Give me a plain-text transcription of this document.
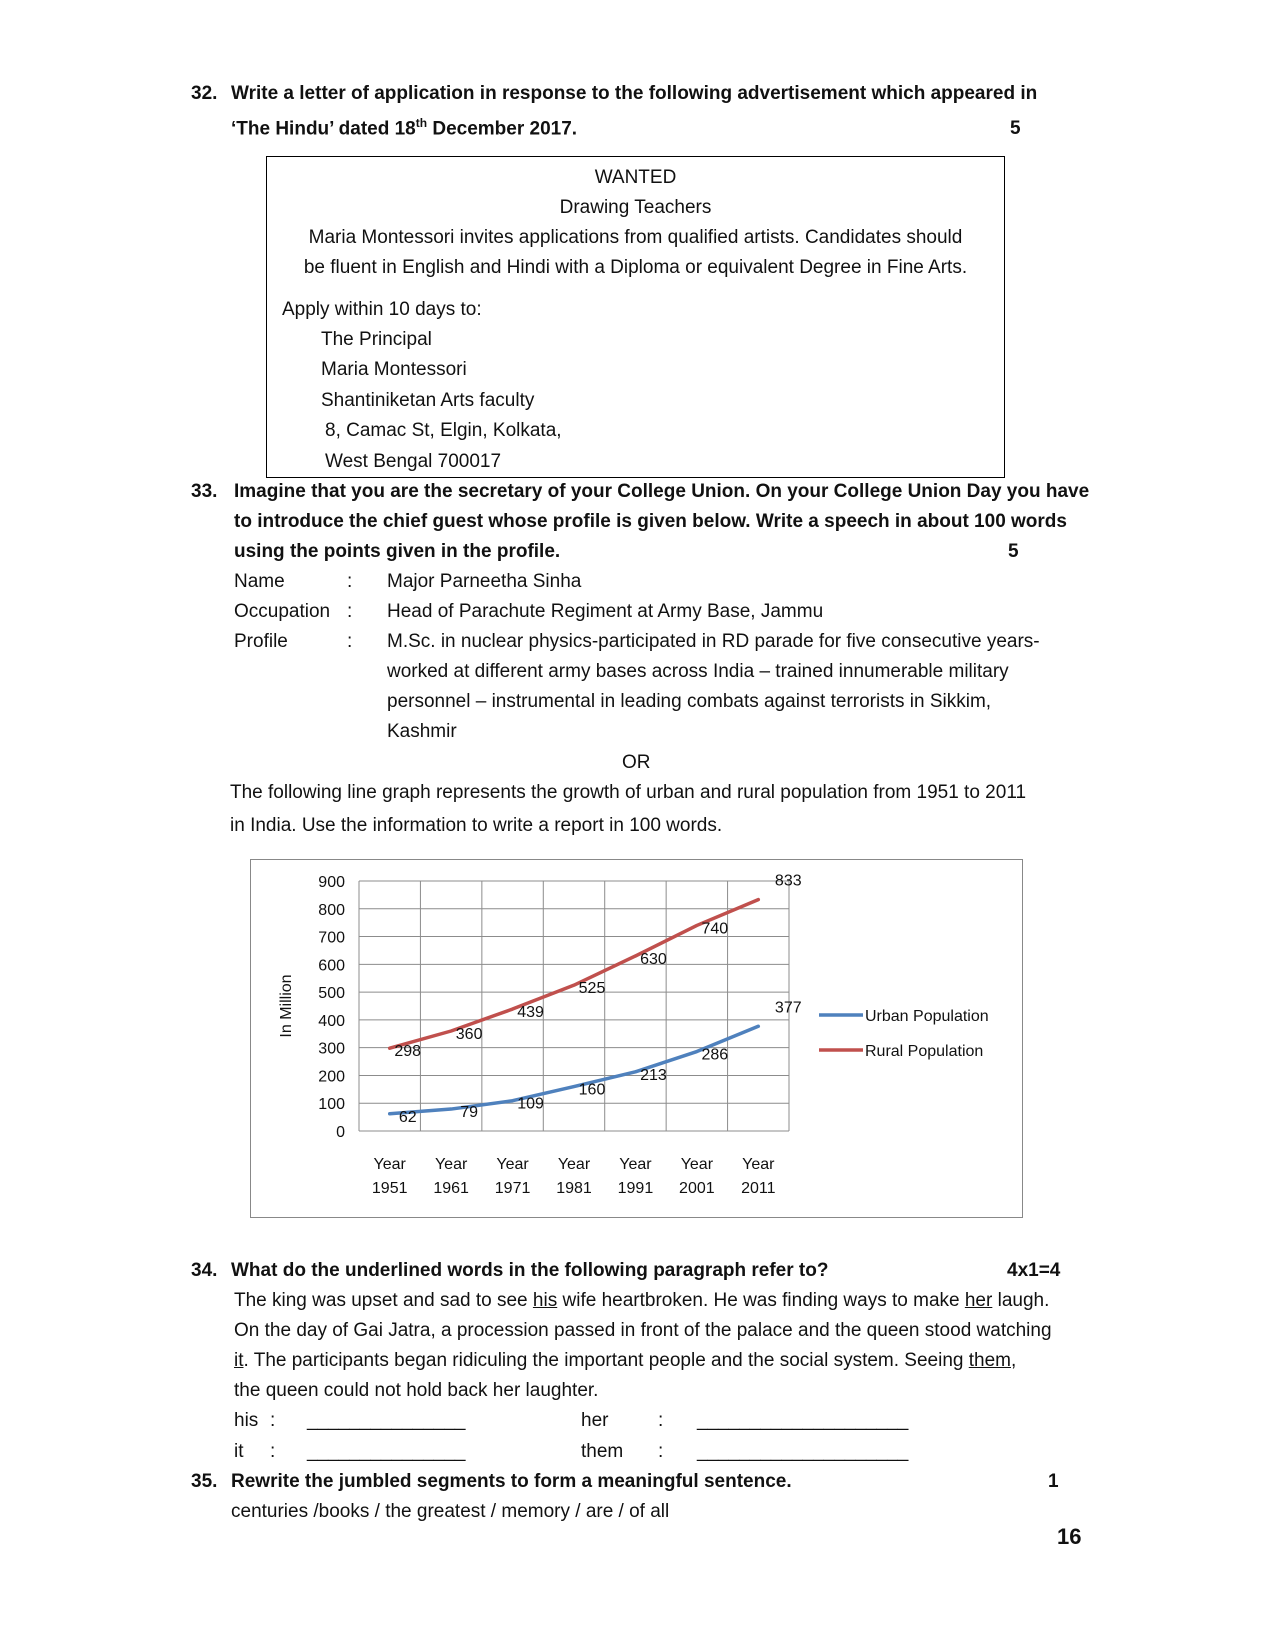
32. Write a letter of application in response to the following advertisement which appeared in
‘The Hindu’ dated 18th December 2017.	5
WANTED
Drawing Teachers
Maria Montessori invites applications from qualified artists. Candidates should
be fluent in English and Hindi with a Diploma or equivalent Degree in Fine Arts.
Apply within 10 days to:
The Principal
Maria Montessori
Shantiniketan Arts faculty
8, Camac St, Elgin, Kolkata,
West Bengal 700017
33. Imagine that you are the secretary of your College Union. On your College Union Day you have
to introduce the chief guest whose profile is given below. Write a speech in about 100 words
using the points given in the profile.	5
Name	: Major Parneetha Sinha
Occupation : Head of Parachute Regiment at Army Base, Jammu
Profile	: M.Sc. in nuclear physics-participated in RD parade for five consecutive years-
worked at different army bases across India – trained innumerable military
personnel – instrumental in leading combats against terrorists in Sikkim,
Kashmir
OR
The following line graph represents the growth of urban and rural population from 1951 to 2011
in India. Use the information to write a report in 100 words.
0
100
200
300
400
500
600
700
800
900
In Million
Year
1951
Year
1961
Year
1971
Year
1981
Year
1991
Year
2001
Year
2011
62	79 109
160
213
286
377
298
360
439
525
630
740
833
Urban Population
Rural Population
34. What do the underlined words in the following paragraph refer to?	4x1=4
The king was upset and sad to see his wife heartbroken. He was finding ways to make her laugh.
On the day of Gai Jatra, a procession passed in front of the palace and the queen stood watching
it. The participants began ridiculing the important people and the social system. Seeing them,
the queen could not hold back her laughter.
his : _______________	her	: ____________________
it : _______________	them : ____________________
35. Rewrite the jumbled segments to form a meaningful sentence.	1
centuries /books / the greatest / memory / are / of all
16
